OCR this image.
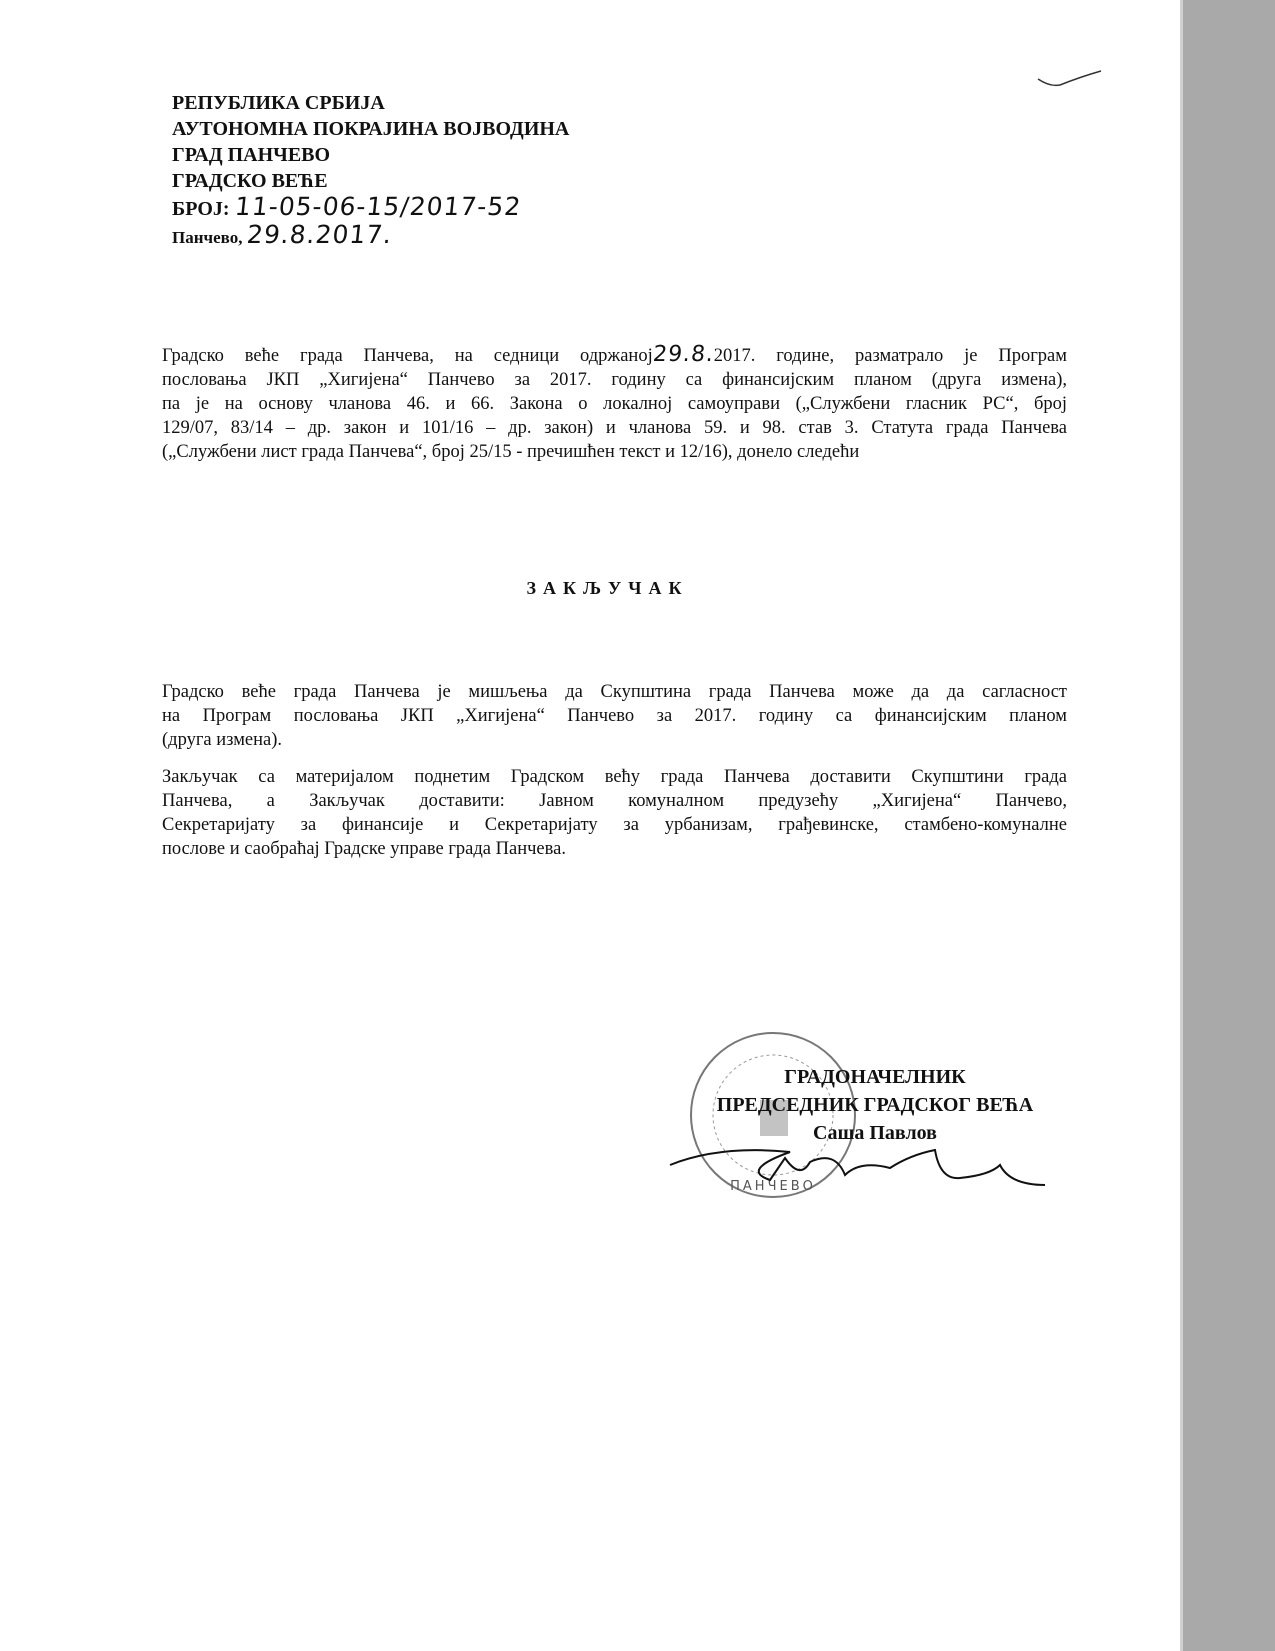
РЕПУБЛИКА СРБИЈА
АУТОНОМНА ПОКРАЈИНА ВОЈВОДИНА
ГРАД ПАНЧЕВО
ГРАДСКО ВЕЋЕ
БРОЈ: 11-05-06-15/2017-52
Панчево, 29.8.2017.
Градско веће града Панчева, на седници одржаној29.8.2017. године, разматрало је Програм
пословања ЈКП „Хигијена“ Панчево за 2017. годину са финансијским планом (друга измена),
па је на основу чланова 46. и 66. Закона о локалној самоуправи („Службени гласник РС“, број
129/07, 83/14 – др. закон и 101/16 – др. закон) и чланова 59. и 98. став 3. Статута града Панчева
(„Службени лист града Панчева“, број 25/15 - пречишћен текст и 12/16), донело следећи
ЗАКЉУЧАК
Градско веће града Панчева је мишљења да Скупштина града Панчева може да да сагласност
на Програм пословања ЈКП „Хигијена“ Панчево за 2017. годину са финансијским планом
(друга измена).
Закључак са материјалом поднетим Градском већу града Панчева доставити Скупштини града
Панчева, а Закључак доставити: Јавном комуналном предузећу „Хигијена“ Панчево,
Секретаријату за финансије и Секретаријату за урбанизам, грађевинске, стамбено-комуналне
послове и саобраћај Градске управе града Панчева.
ПАНЧЕВО
ГРАДОНАЧЕЛНИК
ПРЕДСЕДНИК ГРАДСКОГ ВЕЋА
Саша Павлов
